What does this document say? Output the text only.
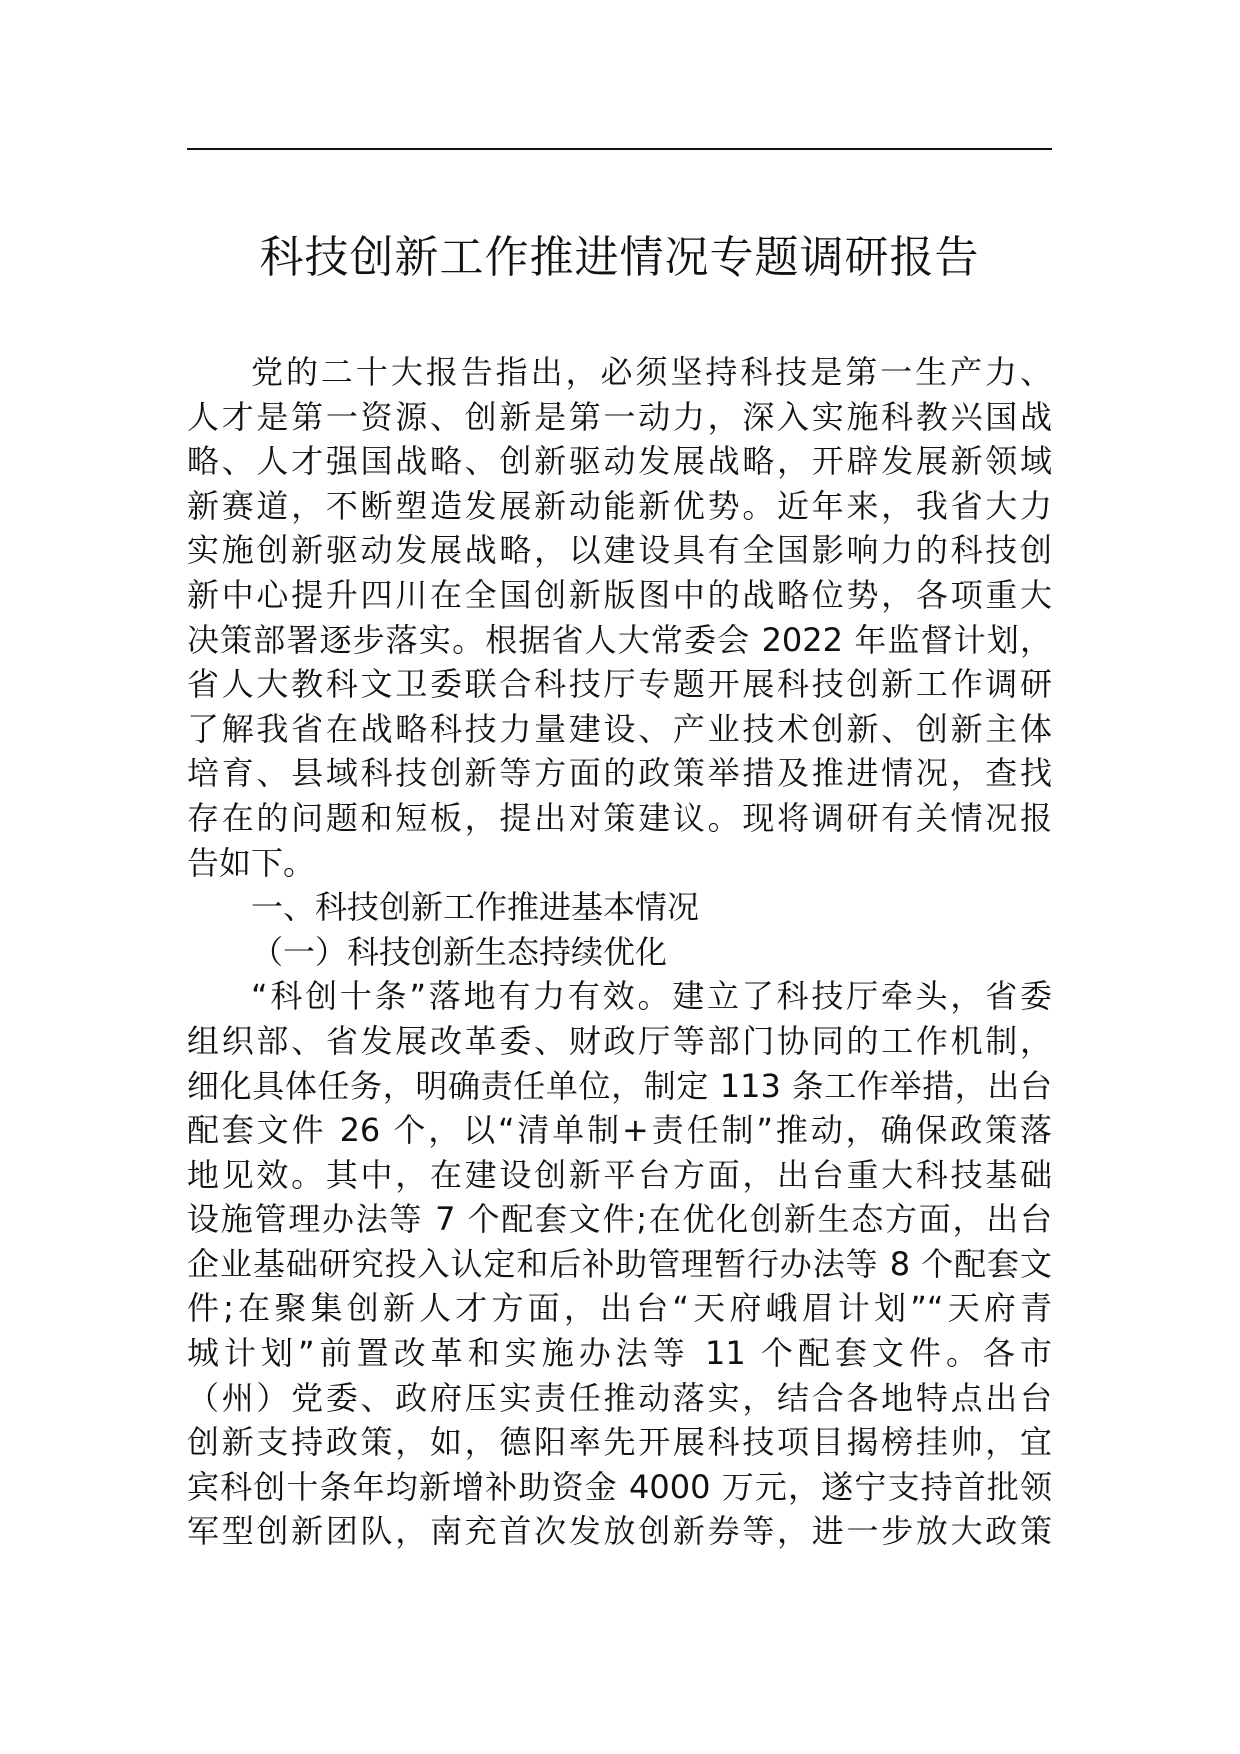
科技创新工作推进情况专题调研报告
党的二十大报告指出，必须坚持科技是第一生产力、
人才是第一资源、创新是第一动力，深入实施科教兴国战
略、人才强国战略、创新驱动发展战略，开辟发展新领域
新赛道，不断塑造发展新动能新优势。近年来，我省大力
实施创新驱动发展战略，以建设具有全国影响力的科技创
新中心提升四川在全国创新版图中的战略位势，各项重大
决策部署逐步落实。根据省人大常委会 2022 年监督计划，
省人大教科文卫委联合科技厅专题开展科技创新工作调研
了解我省在战略科技力量建设、产业技术创新、创新主体
培育、县域科技创新等方面的政策举措及推进情况，查找
存在的问题和短板，提出对策建议。现将调研有关情况报
告如下。
一、科技创新工作推进基本情况
（一）科技创新生态持续优化
“科创十条”落地有力有效。建立了科技厅牵头，省委
组织部、省发展改革委、财政厅等部门协同的工作机制，
细化具体任务，明确责任单位，制定 113 条工作举措，出台
配套文件 26 个，以“清单制+责任制”推动，确保政策落
地见效。其中，在建设创新平台方面，出台重大科技基础
设施管理办法等 7 个配套文件;在优化创新生态方面，出台
企业基础研究投入认定和后补助管理暂行办法等 8 个配套文
件;在聚集创新人才方面，出台“天府峨眉计划”“天府青
城计划”前置改革和实施办法等 11 个配套文件。各市
（州）党委、政府压实责任推动落实，结合各地特点出台
创新支持政策，如，德阳率先开展科技项目揭榜挂帅，宜
宾科创十条年均新增补助资金 4000 万元，遂宁支持首批领
军型创新团队，南充首次发放创新券等，进一步放大政策
